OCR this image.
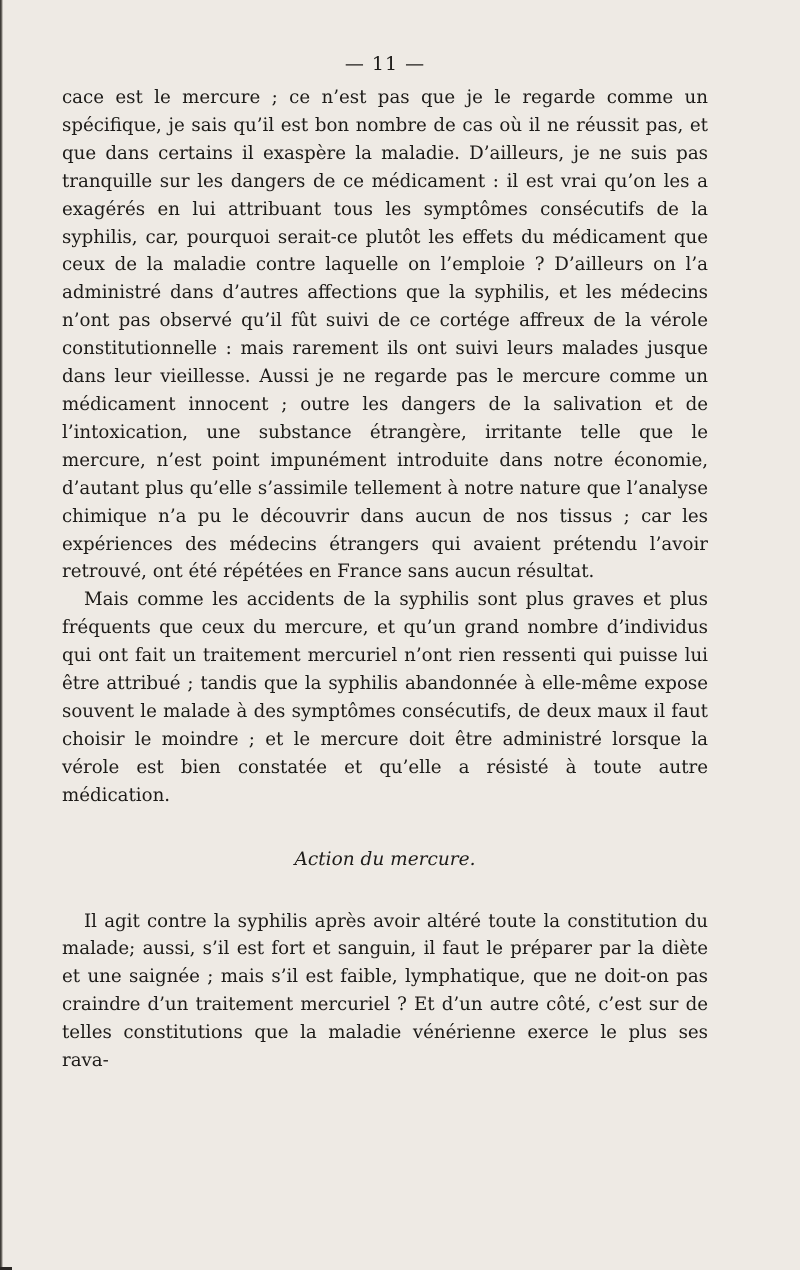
— 11 —

cace est le mercure ; ce n’est pas que je le regarde comme un spécifique, je sais qu’il est bon nombre de cas où il ne réussit pas, et que dans certains il exaspère la maladie. D’ailleurs, je ne suis pas tranquille sur les dangers de ce médicament : il est vrai qu’on les a exagérés en lui attribuant tous les symptômes consécutifs de la syphilis, car, pourquoi serait-ce plutôt les effets du médicament que ceux de la maladie contre laquelle on l’emploie ? D’ailleurs on l’a administré dans d’autres affections que la syphilis, et les médecins n’ont pas observé qu’il fût suivi de ce cortége affreux de la vérole constitutionnelle : mais rarement ils ont suivi leurs malades jusque dans leur vieillesse. Aussi je ne regarde pas le mercure comme un médicament innocent ; outre les dangers de la salivation et de l’intoxication, une substance étrangère, irritante telle que le mercure, n’est point impunément introduite dans notre économie, d’autant plus qu’elle s’assimile tellement à notre nature que l’analyse chimique n’a pu le découvrir dans aucun de nos tissus ; car les expériences des médecins étrangers qui avaient prétendu l’avoir retrouvé, ont été répétées en France sans aucun résultat.

Mais comme les accidents de la syphilis sont plus graves et plus fréquents que ceux du mercure, et qu’un grand nombre d’individus qui ont fait un traitement mercuriel n’ont rien ressenti qui puisse lui être attribué ; tandis que la syphilis abandonnée à elle-même expose souvent le malade à des symptômes consécutifs, de deux maux il faut choisir le moindre ; et le mercure doit être administré lorsque la vérole est bien constatée et qu’elle a résisté à toute autre médication.

Action du mercure.

Il agit contre la syphilis après avoir altéré toute la constitution du malade; aussi, s’il est fort et sanguin, il faut le préparer par la diète et une saignée ; mais s’il est faible, lymphatique, que ne doit-on pas craindre d’un traitement mercuriel ? Et d’un autre côté, c’est sur de telles constitutions que la maladie vénérienne exerce le plus ses rava-
